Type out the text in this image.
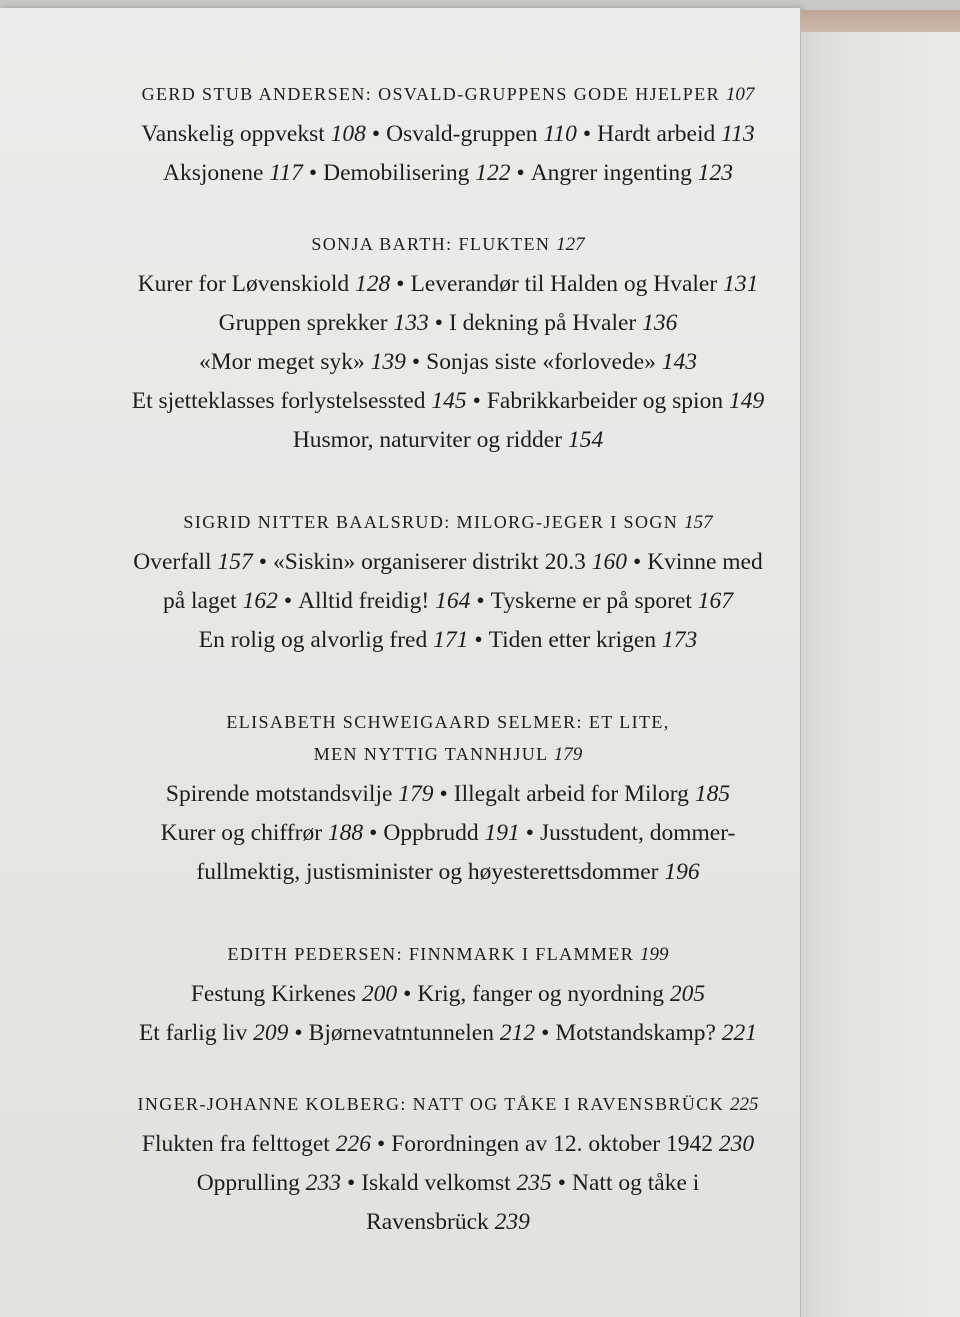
GERD STUB ANDERSEN: OSVALD-GRUPPENS GODE HJELPER 107
Vanskelig oppvekst 108 • Osvald-gruppen 110 • Hardt arbeid 113
Aksjonene 117 • Demobilisering 122 • Angrer ingenting 123
SONJA BARTH: FLUKTEN 127
Kurer for Løvenskiold 128 • Leverandør til Halden og Hvaler 131
Gruppen sprekker 133 • I dekning på Hvaler 136
«Mor meget syk» 139 • Sonjas siste «forlovede» 143
Et sjetteklasses forlystelsessted 145 • Fabrikkarbeider og spion 149
Husmor, naturviter og ridder 154
SIGRID NITTER BAALSRUD: MILORG-JEGER I SOGN 157
Overfall 157 • «Siskin» organiserer distrikt 20.3 160 • Kvinne med
på laget 162 • Alltid freidig! 164 • Tyskerne er på sporet 167
En rolig og alvorlig fred 171 • Tiden etter krigen 173
ELISABETH SCHWEIGAARD SELMER: ET LITE,
MEN NYTTIG TANNHJUL 179
Spirende motstandsvilje 179 • Illegalt arbeid for Milorg 185
Kurer og chiffrør 188 • Oppbrudd 191 • Jusstudent, dommer-
fullmektig, justisminister og høyesterettsdommer 196
EDITH PEDERSEN: FINNMARK I FLAMMER 199
Festung Kirkenes 200 • Krig, fanger og nyordning 205
Et farlig liv 209 • Bjørnevatntunnelen 212 • Motstandskamp? 221
INGER-JOHANNE KOLBERG: NATT OG TÅKE I RAVENSBRÜCK 225
Flukten fra felttoget 226 • Forordningen av 12. oktober 1942 230
Opprulling 233 • Iskald velkomst 235 • Natt og tåke i
Ravensbrück 239
